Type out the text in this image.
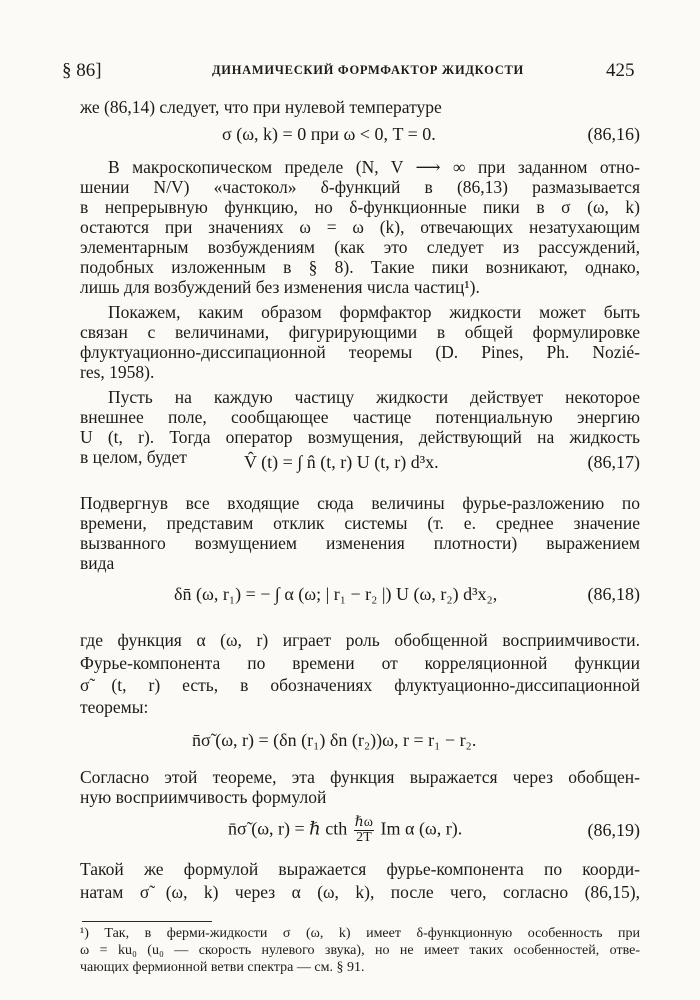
§ 86]	ДИНАМИЧЕСКИЙ ФОРМФАКТОР ЖИДКОСТИ	425
же (86,14) следует, что при нулевой температуре
σ (ω, k) = 0 при ω < 0, T = 0.	(86,16)
В макроскопическом пределе (N, V ⟶ ∞ при заданном отно-
шении N/V) «частокол» δ-функций в (86,13) размазывается
в непрерывную функцию, но δ-функционные пики в σ (ω, k)
остаются при значениях ω = ω (k), отвечающих незатухающим
элементарным возбуждениям (как это следует из рассуждений,
подобных изложенным в § 8). Такие пики возникают, однако,
лишь для возбуждений без изменения числа частиц¹).
Покажем, каким образом формфактор жидкости может быть
связан с величинами, фигурирующими в общей формулировке
флуктуационно-диссипационной теоремы (D. Pines, Ph. Nozié-
res, 1958).
Пусть на каждую частицу жидкости действует некоторое
внешнее поле, сообщающее частице потенциальную энергию
U (t, r). Тогда оператор возмущения, действующий на жидкость
в целом, будет	V̂ (t) = ∫ n̂ (t, r) U (t, r) d³x.	(86,17)
Подвергнув все входящие сюда величины фурье-разложению по
времени, представим отклик системы (т. е. среднее значение
вызванного возмущением изменения плотности) выражением
вида
δn̄ (ω, r₁) = − ∫ α (ω; | r₁ − r₂ |) U (ω, r₂) d³x₂,	(86,18)
где функция α (ω, r) играет роль обобщенной восприимчивости.
Фурье-компонента по времени от корреляционной функции
σ̃ (t, r) есть, в обозначениях флуктуационно-диссипационной
теоремы:
n̄σ̃ (ω, r) = (δn (r₁) δn (r₂))ω, r = r₁ − r₂.
Согласно этой теореме, эта функция выражается через обобщен-
ную восприимчивость формулой
n̄σ̃ (ω, r) = ℏ cth ℏω
2T Im α (ω, r).	(86,19)
Такой же формулой выражается фурье-компонента по коорди-
натам σ̃ (ω, k) через α (ω, k), после чего, согласно (86,15),
¹) Так, в ферми-жидкости σ (ω, k) имеет δ-функционную особенность при
ω = ku₀ (u₀ — скорость нулевого звука), но не имеет таких особенностей, отве-
чающих фермионной ветви спектра — см. § 91.
